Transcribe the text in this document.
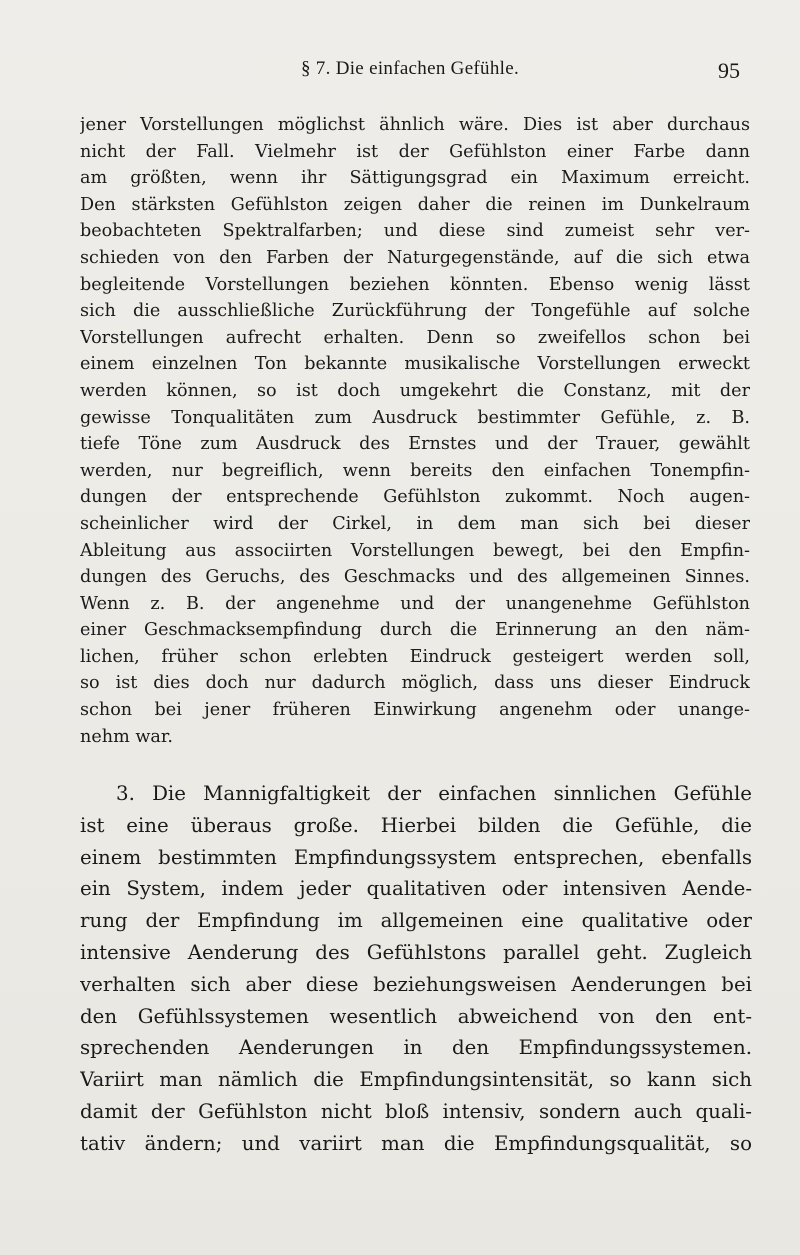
§ 7. Die einfachen Gefühle.	95
jener Vorstellungen möglichst ähnlich wäre. Dies ist aber durchaus
nicht der Fall. Vielmehr ist der Gefühlston einer Farbe dann
am größten, wenn ihr Sättigungsgrad ein Maximum erreicht.
Den stärksten Gefühlston zeigen daher die reinen im Dunkelraum
beobachteten Spektralfarben; und diese sind zumeist sehr ver-
schieden von den Farben der Naturgegenstände, auf die sich etwa
begleitende Vorstellungen beziehen könnten. Ebenso wenig lässt
sich die ausschließliche Zurückführung der Tongefühle auf solche
Vorstellungen aufrecht erhalten. Denn so zweifellos schon bei
einem einzelnen Ton bekannte musikalische Vorstellungen erweckt
werden können, so ist doch umgekehrt die Constanz, mit der
gewisse Tonqualitäten zum Ausdruck bestimmter Gefühle, z. B.
tiefe Töne zum Ausdruck des Ernstes und der Trauer, gewählt
werden, nur begreiflich, wenn bereits den einfachen Tonempfin-
dungen der entsprechende Gefühlston zukommt. Noch augen-
scheinlicher wird der Cirkel, in dem man sich bei dieser
Ableitung aus associirten Vorstellungen bewegt, bei den Empfin-
dungen des Geruchs, des Geschmacks und des allgemeinen Sinnes.
Wenn z. B. der angenehme und der unangenehme Gefühlston
einer Geschmacksempfindung durch die Erinnerung an den näm-
lichen, früher schon erlebten Eindruck gesteigert werden soll,
so ist dies doch nur dadurch möglich, dass uns dieser Eindruck
schon bei jener früheren Einwirkung angenehm oder unange-
nehm war.
3. Die Mannigfaltigkeit der einfachen sinnlichen Gefühle
ist eine überaus große. Hierbei bilden die Gefühle, die
einem bestimmten Empfindungssystem entsprechen, ebenfalls
ein System, indem jeder qualitativen oder intensiven Aende-
rung der Empfindung im allgemeinen eine qualitative oder
intensive Aenderung des Gefühlstons parallel geht. Zugleich
verhalten sich aber diese beziehungsweisen Aenderungen bei
den Gefühlssystemen wesentlich abweichend von den ent-
sprechenden Aenderungen in den Empfindungssystemen.
Variirt man nämlich die Empfindungsintensität, so kann sich
damit der Gefühlston nicht bloß intensiv, sondern auch quali-
tativ ändern; und variirt man die Empfindungsqualität, so
